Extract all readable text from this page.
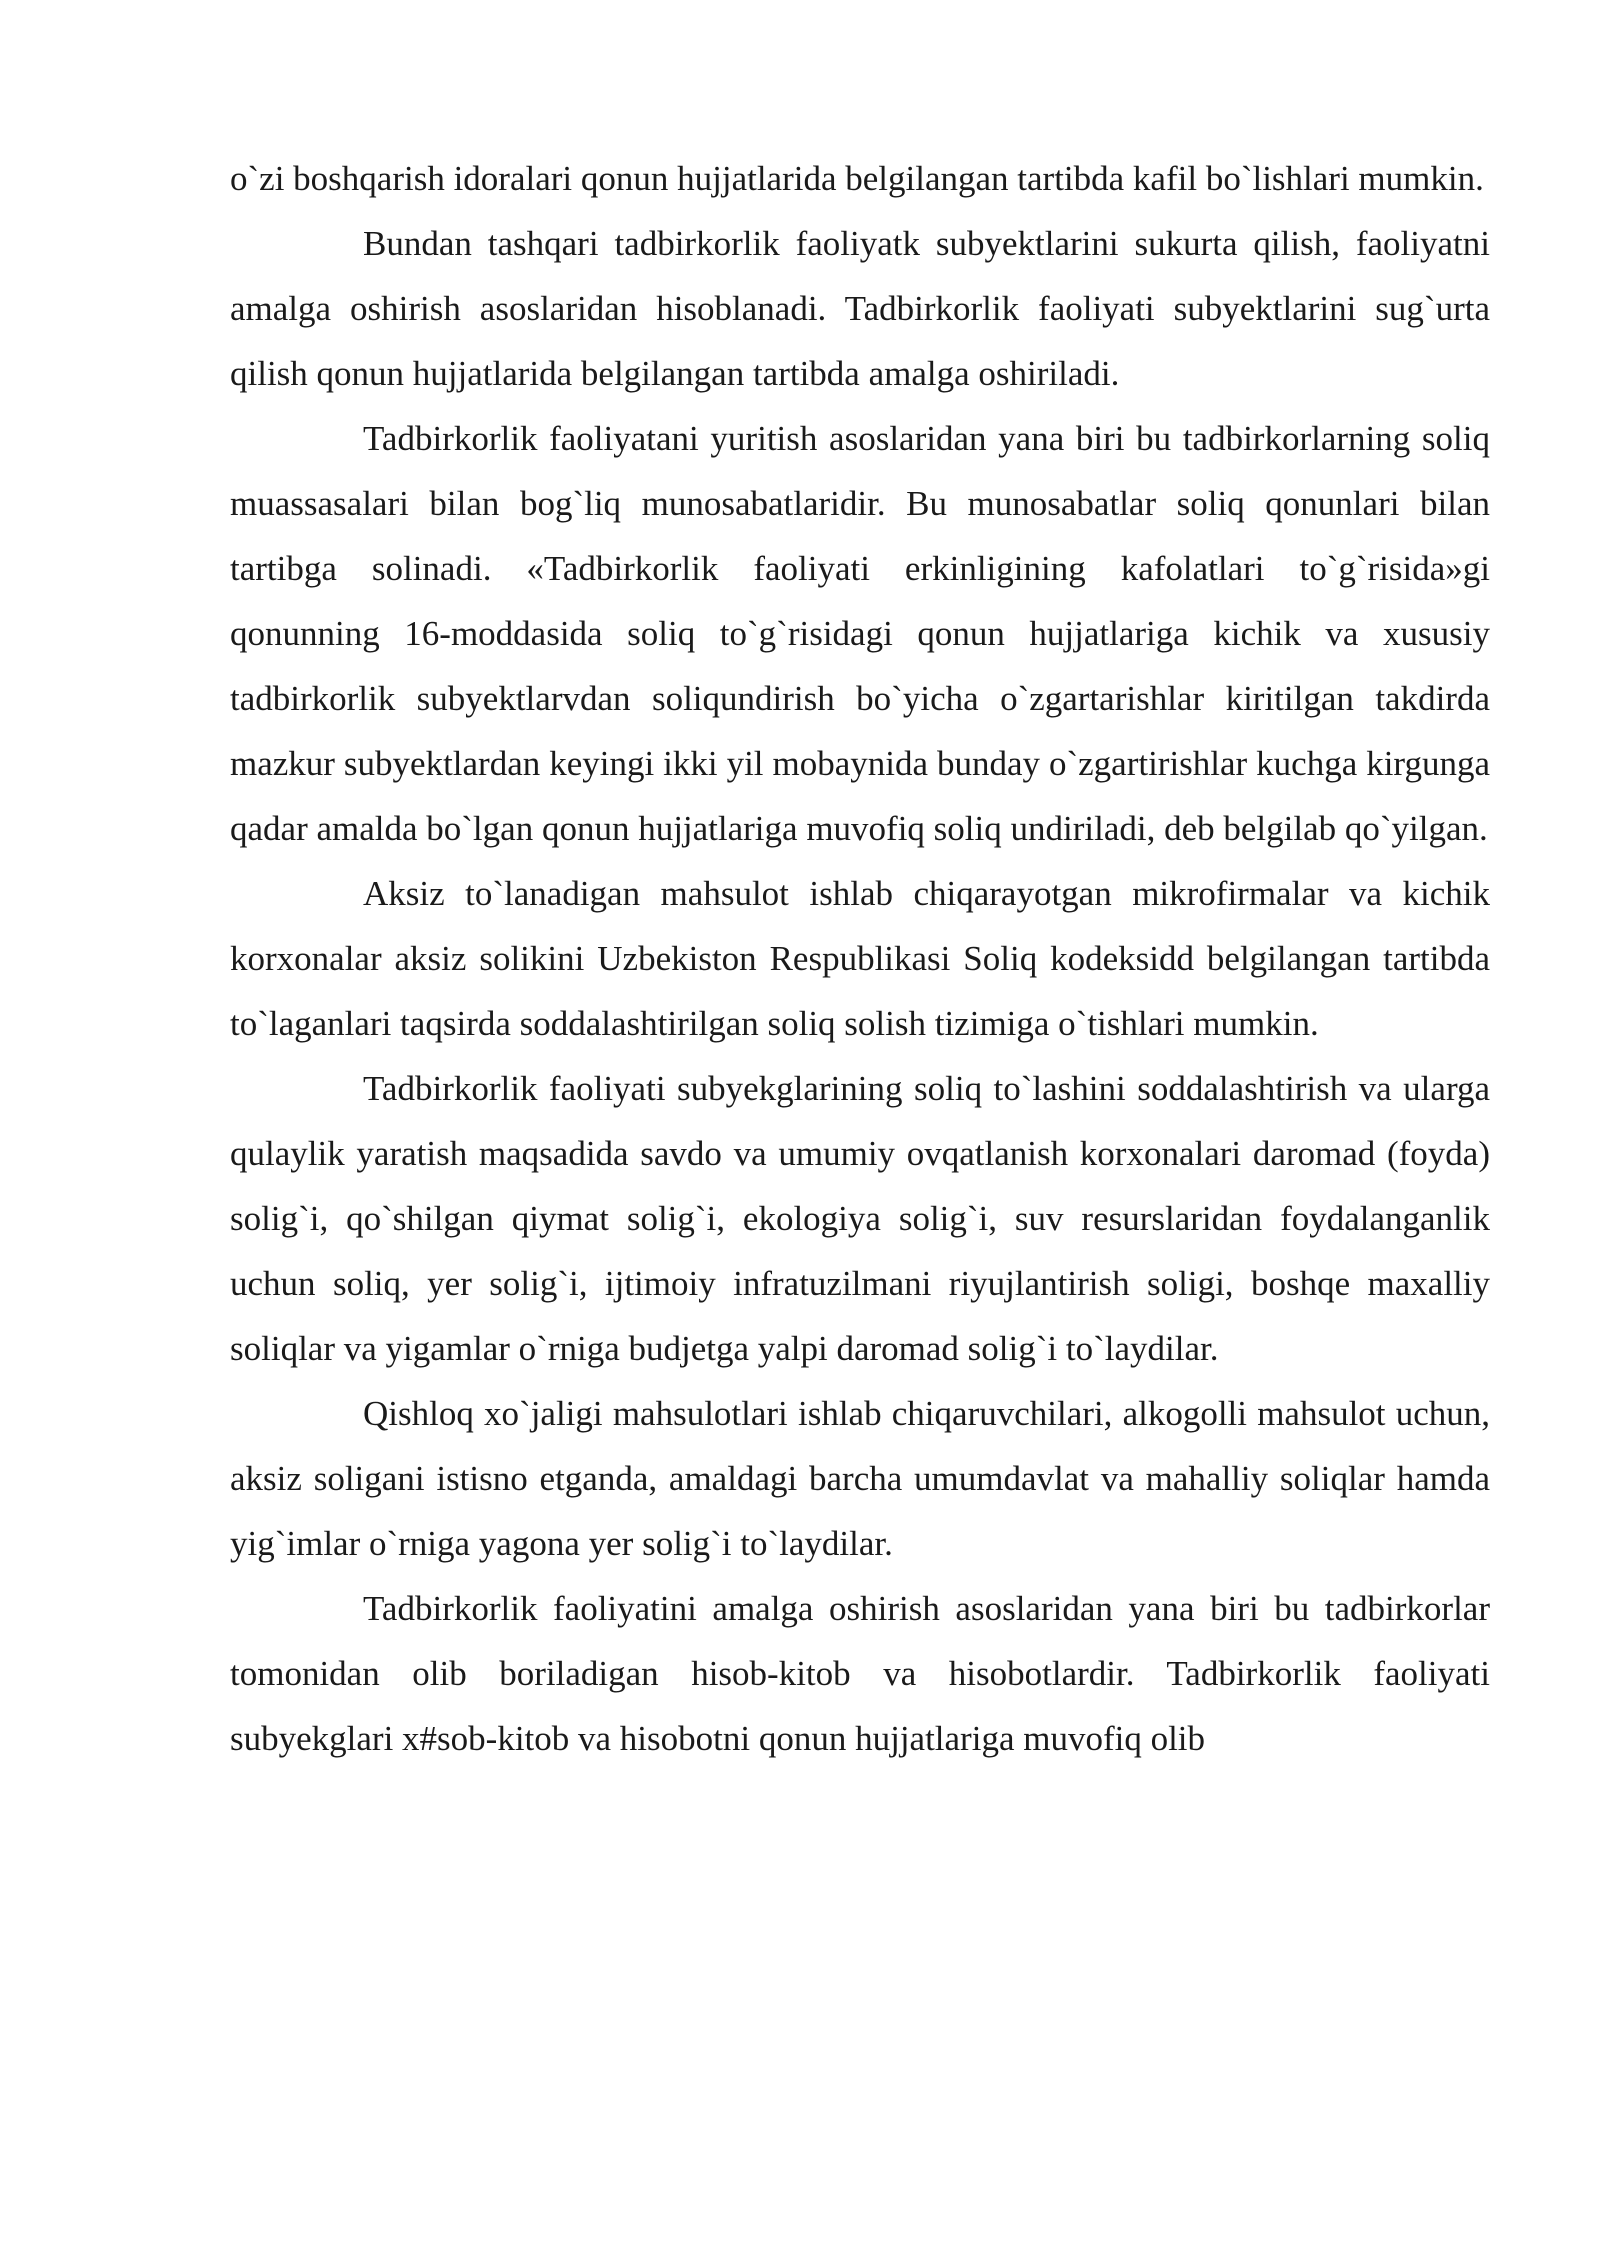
o`zi boshqarish idoralari qonun hujjatlarida belgilangan tartibda kafil bo`lishlari mumkin.

Bundan tashqari tadbirkorlik faoliyatk subyektlarini sukurta qilish, faoliyatni amalga oshirish asoslaridan hisoblanadi. Tadbirkorlik faoliyati subyektlarini sug`urta qilish qonun hujjatlarida belgilangan tartibda amalga oshiriladi.

Tadbirkorlik faoliyatani yuritish asoslaridan yana biri bu tadbirkorlarning soliq muassasalari bilan bog`liq munosabatlaridir. Bu munosabatlar soliq qonunlari bilan tartibga solinadi. «Tadbirkorlik faoliyati erkinligining kafolatlari to`g`risida»gi qonunning 16-moddasida soliq to`g`risidagi qonun hujjatlariga kichik va xususiy tadbirkorlik subyektlarvdan soliqundirish bo`yicha o`zgartarishlar kiritilgan takdirda mazkur subyektlardan keyingi ikki yil mobaynida bunday o`zgartirishlar kuchga kirgunga qadar amalda bo`lgan qonun hujjatlariga muvofiq soliq undiriladi, deb belgilab qo`yilgan.

Aksiz to`lanadigan mahsulot ishlab chiqarayotgan mikrofirmalar va kichik korxonalar aksiz solikini Uzbekiston Respublikasi Soliq kodeksidd belgilangan tartibda to`laganlari taqsirda soddalashtirilgan soliq solish tizimiga o`tishlari mumkin.

Tadbirkorlik faoliyati subyekglarining soliq to`lashini soddalashtirish va ularga qulaylik yaratish maqsadida savdo va umumiy ovqatlanish korxonalari daromad (foyda) solig`i, qo`shilgan qiymat solig`i, ekologiya solig`i, suv resurslaridan foydalanganlik uchun soliq, yer solig`i, ijtimoiy infratuzilmani riyujlantirish soligi, boshqe maxalliy soliqlar va yigamlar o`rniga budjetga yalpi daromad solig`i to`laydilar.

Qishloq xo`jaligi mahsulotlari ishlab chiqaruvchilari, alkogolli mahsulot uchun, aksiz soligani istisno etganda, amaldagi barcha umumdavlat va mahalliy soliqlar hamda yig`imlar o`rniga yagona yer solig`i to`laydilar.

Tadbirkorlik faoliyatini amalga oshirish asoslaridan yana biri bu tadbirkorlar tomonidan olib boriladigan hisob-kitob va hisobotlardir. Tadbirkorlik faoliyati subyekglari x#sob-kitob va hisobotni qonun hujjatlariga muvofiq olib
